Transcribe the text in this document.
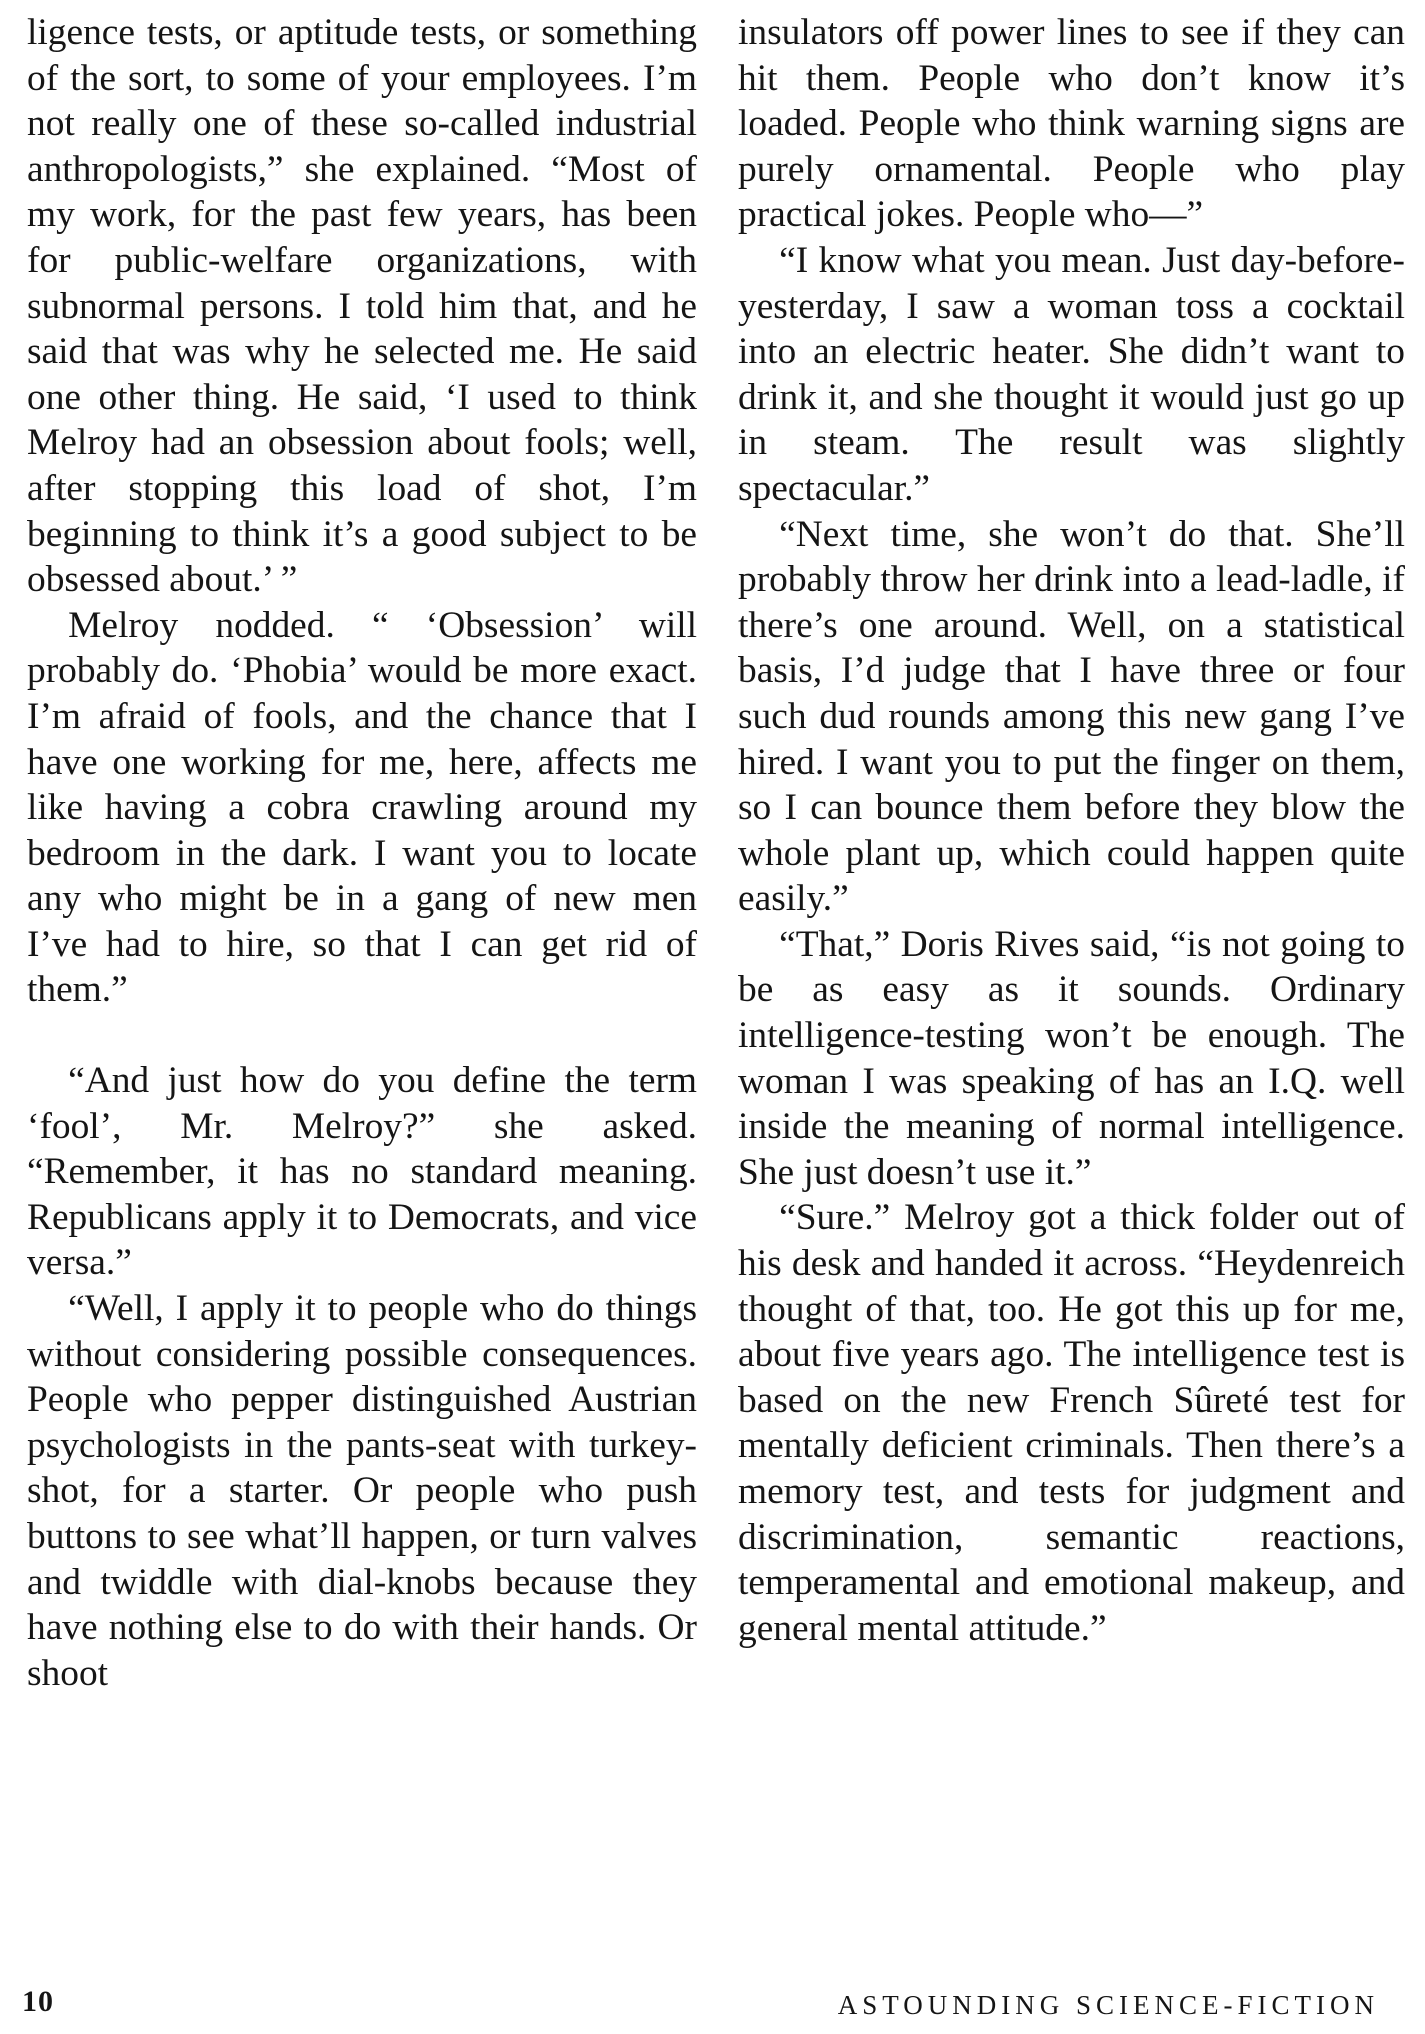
ligence tests, or aptitude tests, or something of the sort, to some of your employees. I’m not really one of these so-called industrial anthropologists,” she explained. “Most of my work, for the past few years, has been for public-welfare organizations, with subnormal persons. I told him that, and he said that was why he selected me. He said one other thing. He said, ‘I used to think Melroy had an obsession about fools; well, after stopping this load of shot, I’m beginning to think it’s a good subject to be obsessed about.’ ”

Melroy nodded. “ ‘Obsession’ will probably do. ‘Phobia’ would be more exact. I’m afraid of fools, and the chance that I have one working for me, here, affects me like having a cobra crawling around my bedroom in the dark. I want you to locate any who might be in a gang of new men I’ve had to hire, so that I can get rid of them.”

“And just how do you define the term ‘fool’, Mr. Melroy?” she asked. “Remember, it has no standard meaning. Republicans apply it to Democrats, and vice versa.”

“Well, I apply it to people who do things without considering possible consequences. People who pepper distinguished Austrian psychologists in the pants-seat with turkey-shot, for a starter. Or people who push buttons to see what’ll happen, or turn valves and twiddle with dial-knobs because they have nothing else to do with their hands. Or shoot

insulators off power lines to see if they can hit them. People who don’t know it’s loaded. People who think warning signs are purely ornamental. People who play practical jokes. People who—”

“I know what you mean. Just day-before-yesterday, I saw a woman toss a cocktail into an electric heater. She didn’t want to drink it, and she thought it would just go up in steam. The result was slightly spectacular.”

“Next time, she won’t do that. She’ll probably throw her drink into a lead-ladle, if there’s one around. Well, on a statistical basis, I’d judge that I have three or four such dud rounds among this new gang I’ve hired. I want you to put the finger on them, so I can bounce them before they blow the whole plant up, which could happen quite easily.”

“That,” Doris Rives said, “is not going to be as easy as it sounds. Ordinary intelligence-testing won’t be enough. The woman I was speaking of has an I.Q. well inside the meaning of normal intelligence. She just doesn’t use it.”

“Sure.” Melroy got a thick folder out of his desk and handed it across. “Heydenreich thought of that, too. He got this up for me, about five years ago. The intelligence test is based on the new French Sûreté test for mentally deficient criminals. Then there’s a memory test, and tests for judgment and discrimination, semantic reactions, temperamental and emotional makeup, and general mental attitude.”

10	ASTOUNDING SCIENCE-FICTION
